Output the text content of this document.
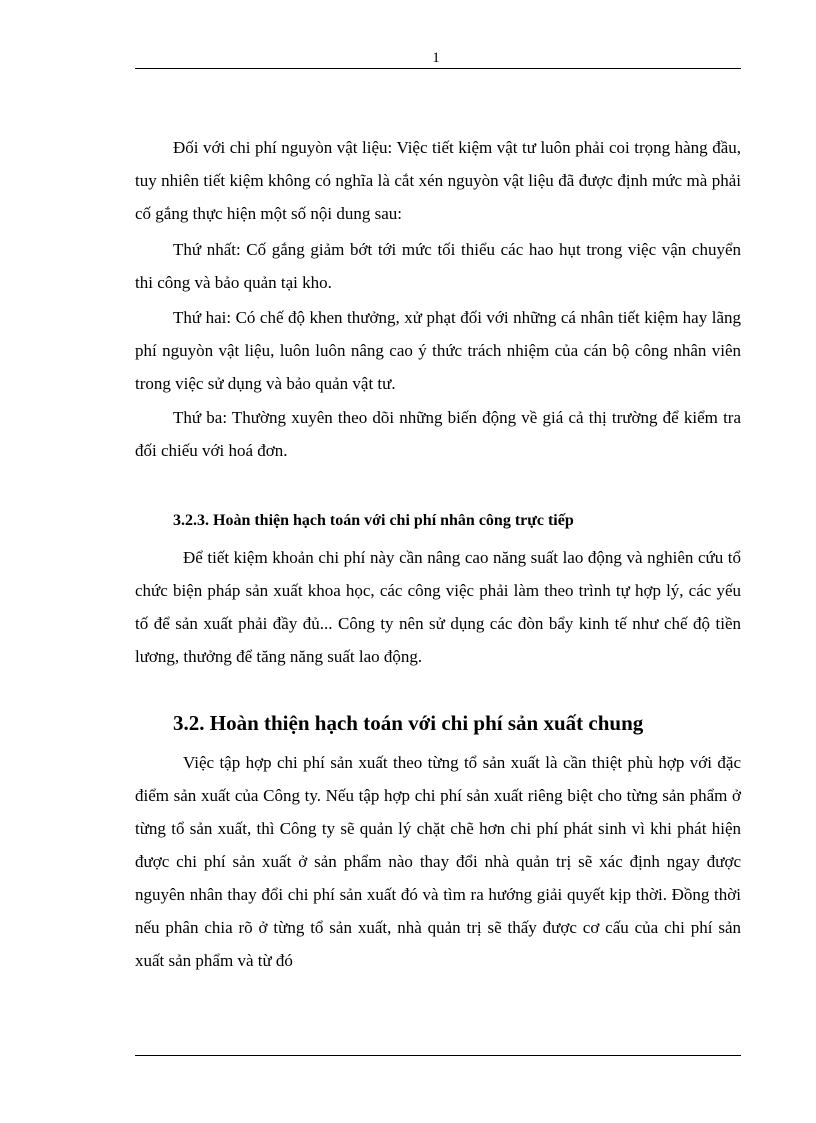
1

Đối với chi phí nguyòn vật liệu: Việc tiết kiệm vật tư luôn phải coi trọng hàng đầu, tuy nhiên tiết kiệm không có nghĩa là cắt xén nguyòn vật liệu đã được định mức mà phải cố gắng thực hiện một số nội dung sau:

Thứ nhất: Cố gắng giảm bớt tới mức tối thiểu các hao hụt trong việc vận chuyển thi công và bảo quản tại kho.

Thứ hai: Có chế độ khen thưởng, xử phạt đối với những cá nhân tiết kiệm hay lãng phí nguyòn vật liệu, luôn luôn nâng cao ý thức trách nhiệm của cán bộ công nhân viên trong việc sử dụng và bảo quản vật tư.

Thứ ba: Thường xuyên theo dõi những biến động về giá cả thị trường để kiểm tra đối chiếu với hoá đơn.

3.2.3. Hoàn thiện hạch toán với chi phí nhân công trực tiếp

Để tiết kiệm khoản chi phí này cần nâng cao năng suất lao động và nghiên cứu tổ chức biện pháp sản xuất khoa học, các công việc phải làm theo trình tự hợp lý, các yếu tố để sản xuất phải đầy đủ... Công ty nên sử dụng các đòn bẩy kinh tế như chế độ tiền lương, thưởng để tăng năng suất lao động.

3.2. Hoàn thiện hạch toán với chi phí sản xuất chung

Việc tập hợp chi phí sản xuất theo từng tổ sản xuất là cần thiệt phù hợp với đặc điểm sản xuất của Công ty. Nếu tập hợp chi phí sản xuất riêng biệt cho từng sản phẩm ở từng tổ sản xuất, thì Công ty sẽ quản lý chặt chẽ hơn chi phí phát sinh vì khi phát hiện được chi phí sản xuất ở sản phẩm nào thay đổi nhà quản trị sẽ xác định ngay được nguyên nhân thay đổi chi phí sản xuất đó và tìm ra hướng giải quyết kịp thời. Đồng thời nếu phân chia rõ ở từng tổ sản xuất, nhà quản trị sẽ thấy được cơ cấu của chi phí sản xuất sản phẩm và từ đó
